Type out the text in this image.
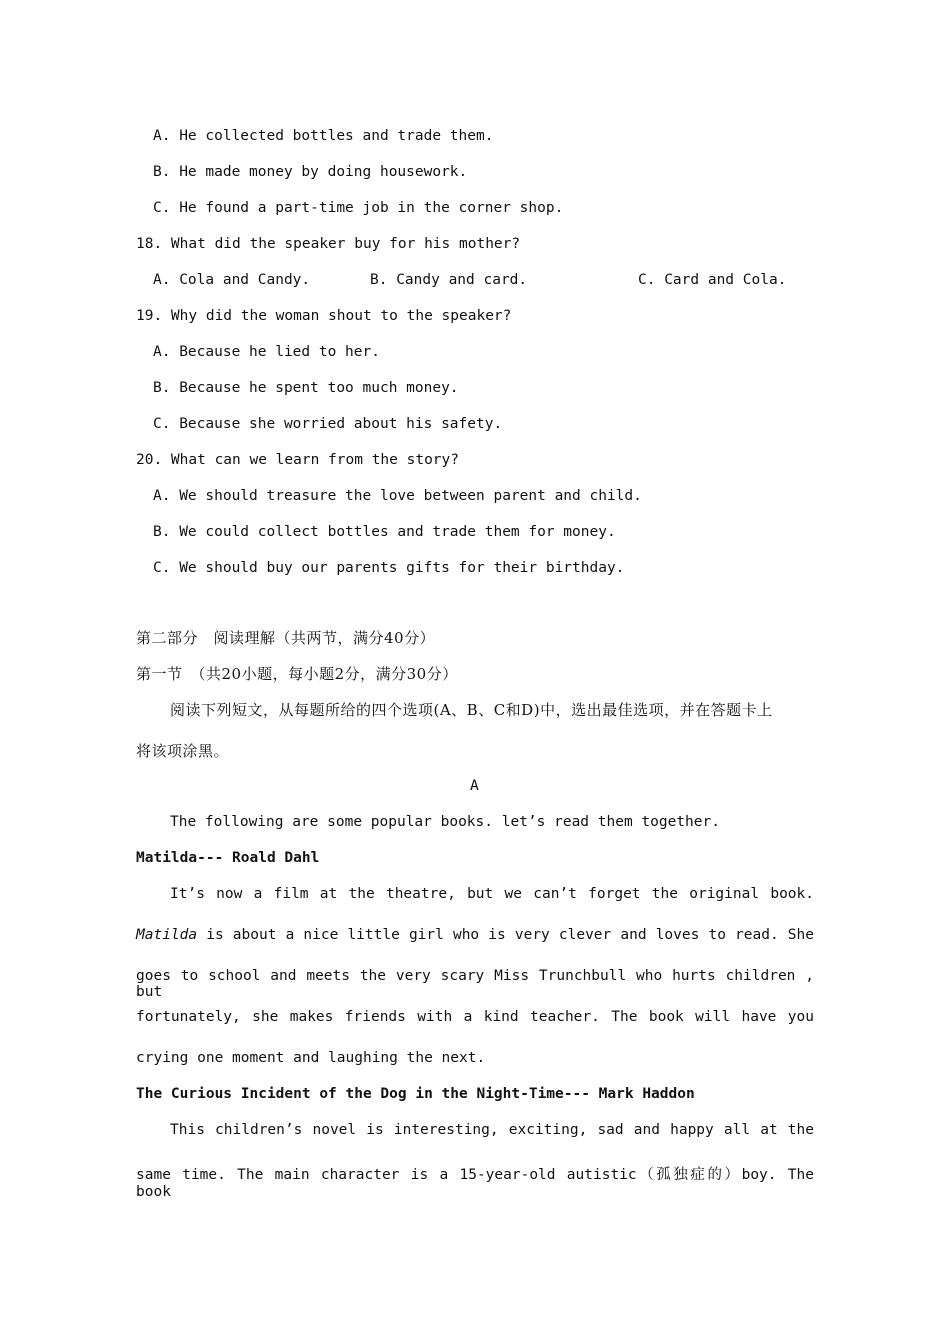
A. He collected bottles and trade them.
B. He made money by doing housework.
C. He found a part-time job in the corner shop.
18. What did the speaker buy for his mother?
A. Cola and Candy.	B. Candy and card.	C. Card and Cola.
19. Why did the woman shout to the speaker?
A. Because he lied to her.
B. Because he spent too much money.
C. Because she worried about his safety.
20. What can we learn from the story?
A. We should treasure the love between parent and child.
B. We could collect bottles and trade them for money.
C. We should buy our parents gifts for their birthday.
第二部分　阅读理解（共两节，满分40分）
第一节　（共20小题，每小题2分，满分30分）
阅读下列短文，从每题所给的四个选项(A、B、C和D)中，选出最佳选项，并在答题卡上
将该项涂黑。
A
The following are some popular books. let’s read them together.
Matilda--- Roald Dahl
It’s now a film at the theatre, but we can’t forget the original book.
Matilda is about a nice little girl who is very clever and loves to read. She
goes to school and meets the very scary Miss Trunchbull who hurts children , but
fortunately, she makes friends with a kind teacher. The book will have you
crying one moment and laughing the next.
The Curious Incident of the Dog in the Night-Time--- Mark Haddon
This children’s novel is interesting, exciting, sad and happy all at the
same time. The main character is a 15-year-old autistic（孤独症的）boy. The book
